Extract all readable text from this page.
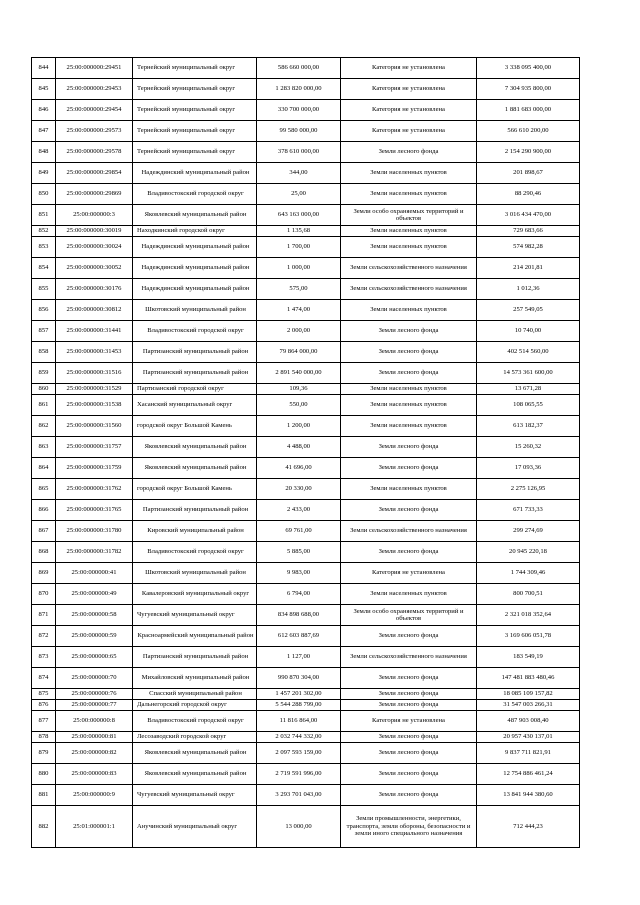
844	25:00:000000:29451	Тернейский муниципальный округ	586 660 000,00	Категория не установлена	3 338 095 400,00
845	25:00:000000:29453	Тернейский муниципальный округ	1 283 820 000,00	Категория не установлена	7 304 935 800,00
846	25:00:000000:29454	Тернейский муниципальный округ	330 700 000,00	Категория не установлена	1 881 683 000,00
847	25:00:000000:29573	Тернейский муниципальный округ	99 580 000,00	Категория не установлена	566 610 200,00
848	25:00:000000:29578	Тернейский муниципальный округ	378 610 000,00	Земли лесного фонда	2 154 290 900,00
849	25:00:000000:29854	Надеждинский муниципальный район	344,00	Земли населенных пунктов	201 898,67
850	25:00:000000:29869	Владивостокский городской округ	25,00	Земли населенных пунктов	88 290,46
851	25:00:000000:3	Яковлевский муниципальный район	643 163 000,00	Земли особо охраняемых территорий и объектов	3 016 434 470,00
852	25:00:000000:30019	Находкинский городской округ	1 135,68	Земли населенных пунктов	729 683,66
853	25:00:000000:30024	Надеждинский муниципальный район	1 700,00	Земли населенных пунктов	574 982,28
854	25:00:000000:30052	Надеждинский муниципальный район	1 000,00	Земли сельскохозяйственного назначения	214 201,81
855	25:00:000000:30176	Надеждинский муниципальный район	575,00	Земли сельскохозяйственного назначения	1 012,36
856	25:00:000000:30812	Шкотовский муниципальный район	1 474,00	Земли населенных пунктов	257 549,05
857	25:00:000000:31441	Владивостокский городской округ	2 000,00	Земли лесного фонда	10 740,00
858	25:00:000000:31453	Партизанский муниципальный район	79 864 000,00	Земли лесного фонда	402 514 560,00
859	25:00:000000:31516	Партизанский муниципальный район	2 891 540 000,00	Земли лесного фонда	14 573 361 600,00
860	25:00:000000:31529	Партизанский городской округ	109,36	Земли населенных пунктов	13 671,28
861	25:00:000000:31538	Хасанский муниципальный округ	550,00	Земли населенных пунктов	108 065,55
862	25:00:000000:31560	городской округ Большой Камень	1 200,00	Земли населенных пунктов	613 182,37
863	25:00:000000:31757	Яковлевский муниципальный район	4 488,00	Земли лесного фонда	15 260,32
864	25:00:000000:31759	Яковлевский муниципальный район	41 696,00	Земли лесного фонда	17 093,36
865	25:00:000000:31762	городской округ Большой Камень	20 330,00	Земли населенных пунктов	2 275 126,95
866	25:00:000000:31765	Партизанский муниципальный район	2 433,00	Земли лесного фонда	671 733,33
867	25:00:000000:31780	Кировский муниципальный район	69 761,00	Земли сельскохозяйственного назначения	299 274,69
868	25:00:000000:31782	Владивостокский городской округ	5 885,00	Земли лесного фонда	20 945 220,18
869	25:00:000000:41	Шкотовский муниципальный район	9 983,00	Категория не установлена	1 744 309,46
870	25:00:000000:49	Кавалеровский муниципальный округ	6 794,00	Земли населенных пунктов	800 700,51
871	25:00:000000:58	Чугуевский муниципальный округ	834 898 688,00	Земли особо охраняемых территорий и объектов	2 321 018 352,64
872	25:00:000000:59	Красноармейский муниципальный район	612 603 887,69	Земли лесного фонда	3 169 606 051,78
873	25:00:000000:65	Партизанский муниципальный район	1 127,00	Земли сельскохозяйственного назначения	183 549,19
874	25:00:000000:70	Михайловский муниципальный район	990 870 304,00	Земли лесного фонда	147 481 883 480,46
875	25:00:000000:76	Спасский муниципальный район	1 457 201 302,00	Земли лесного фонда	18 085 109 157,82
876	25:00:000000:77	Дальнегорский городской округ	5 544 288 799,00	Земли лесного фонда	31 547 003 266,31
877	25:00:000000:8	Владивостокский городской округ	11 816 864,00	Категория не установлена	487 903 008,40
878	25:00:000000:81	Лесозаводский городской округ	2 032 744 332,00	Земли лесного фонда	20 957 430 137,01
879	25:00:000000:82	Яковлевский муниципальный район	2 097 593 159,00	Земли лесного фонда	9 837 711 821,91
880	25:00:000000:83	Яковлевский муниципальный район	2 719 591 996,00	Земли лесного фонда	12 754 886 461,24
881	25:00:000000:9	Чугуевский муниципальный округ	3 293 701 043,00	Земли лесного фонда	13 841 944 380,60
882	25:01:000001:1	Анучинский муниципальный округ	13 000,00	Земли промышленности, энергетики, транспорта, земли обороны, безопасности и земли иного специального назначения	712 444,23
